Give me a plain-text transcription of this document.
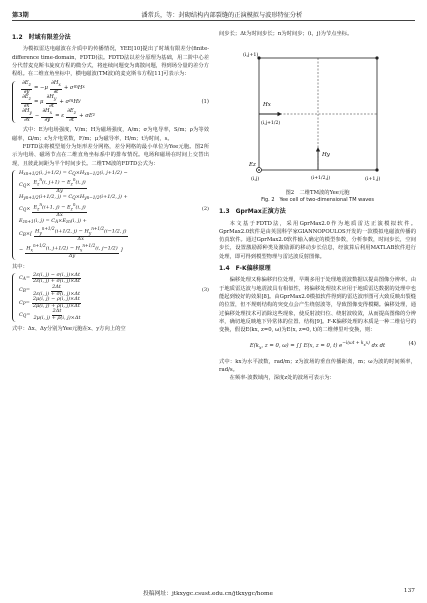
第3期	潘常兵，等：封砌结构内部裂缝的正演模拟与波形特征分析
1.2　时域有限差分法

为模拟雷达电磁波在介质中的传播情况，YEE[10]提出了时域有限差分(finite-difference time-domain，FDTD)法。FDTD法以差分原理为基础，用二阶中心差分代替麦克斯韦旋度方程的微分式，将连续问题变为离散问题，得到场分量的差分方程组。在二维直角坐标中，横电磁波(TM波)的麦克斯韦方程[11]可表示为：

$\frac{\partial E_z}{\partial y} = -\mu \frac{\partial H_x}{\partial t} + \sigma$ m H x
$\frac{\partial E_z}{\partial x} = \mu \frac{\partial H_y}{\partial t} + \sigma$ m H y	(1)
$\frac{\partial H_y}{\partial x} - \frac{\partial H_x}{\partial y} = \varepsilon \frac{\partial E_z}{\partial t} + \sigma E$ z

式中：E为电场强度，V/m；H为磁场强度，A/m；σ为电导率，S/m；ρ为等效磁率，Ω/m；ε为介电常数，F/m；μ为磁导率，H/m；t为时间，s。

FDTD法将模型划分为矩形差分网格，差分网格的最小单位为Yee元胞。图2所示为电场、磁场节点在二维直角坐标系中的排布情况。电场和磁场在时间上交替出现，且彼此间距为半个时间步长。二维TM波的FDTD公式为：

H x n+1/2 (i, j+1/2) = C Q ×H x n−1/2 (i, j+1/2) −
C $Q \times \frac{E_z^n(i, j+1) - E_z^n(i, j)}{\Delta y}$
H y n+1/2 (i+1/2, j) = C Q ×H y n−1/2 (i+1/2, j) +
C $Q \times \frac{E_z^n(i+1, j) - E_z^n(i, j)}{\Delta x}$	(2)
E z n+1 (i, j) = C A ×E z n (i, j) +
C B ×[ $\frac{H_y^{n+1/2}(i+1/2, j) - H_y^{n+1/2}(i-1/2, j)}{\Delta x}$
− $\frac{H_x^{n+1/2}(i, j+1/2) - H_x^{n+1/2}(i, j-1/2)}{\Delta y}$ ]
其中：
C $A = \frac{2\varepsilon(i, j) - \sigma(i, j)\times\Delta t}{2\varepsilon(i, j) + \sigma(i, j)\times\Delta t}$
C $B = \frac{2\Delta t}{2\varepsilon(i, j) + \sigma(i, j)\times\Delta t}$	(3)
C $P = \frac{2\mu(i, j) - \rho(i, j)\times\Delta t}{2\mu(i, j) + \rho(i, j)\times\Delta t}$
C $Q = \frac{2\Delta t}{2\mu(i, j) + \rho(i, j)\times\Delta t}$

式中：Δx、Δy分别为Yee元胞在x、y方向上的空

间步长；Δt为时间步长；n为时间步；(i，j)为节点坐标。

Hx
(i,j+1/2)
Hy
(i+1/2,j)
Ez
(i,j)	(i+1,j)
(i,j+1)
图2　二维TM波的Yee元胞
Fig. 2　Yee cell of two-dimensional TM waves
1.3　GprMax正演方法

本文基于FDTD法，采用GprMax2.0作为地质雷达正演模拟软件。GprMax2.0软件是由英国科学家GIANNOPOULOS开发的一款模拟电磁波传播的仿真软件。通过GprMax2.0软件输入确定的模型参数，分析参数，时间步长，空间步长，设置激励源种类及激励源的移动步长信息，经演算后利用MATLAB软件进行处理，即可得到模型物理与雷达波反射图像。

1.4　F-K偏移原理

偏移处理又称偏移归位处理，早期多用于处理地震波数据以提高图像分辨率。由于地质雷达波与地震波具有相似性，将偏移处理技术应用于地质雷达数据的处理中也能起到较好的效果[8]。由GprMax2.0模拟软件得到的雷达波形图可大致反映出裂缝的位置，但不规则结构的突变点会产生绕射波等，导致图像变得模糊。偏移处理，通过偏移处理技术可消除这些现象，使反射波归位、绕射波收敛，从而提高图像的分辨率，确切地反映地下异常体的位置、结构[9]。F-K偏移处理的本质是一种二维信号的变换，假设E(kx, z=0, ω)为E(x, z=0, t)的二维傅里叶变换，则：

$E(k_x$, z = 0, ω) = ∫∫ E(x, z = 0, t) $e^{-i(\omega t + k_xx)}$ dx dt	(4)

式中：kx为水平波数，rad/m；z为波场的垂直传播距离，m；ω为波的时间频率，rad/s。

在频率-波数域内，深度z处的波场可表示为：

投稿网址：jtkxygc.csust.edu.cn/jtkxygc/home	137
